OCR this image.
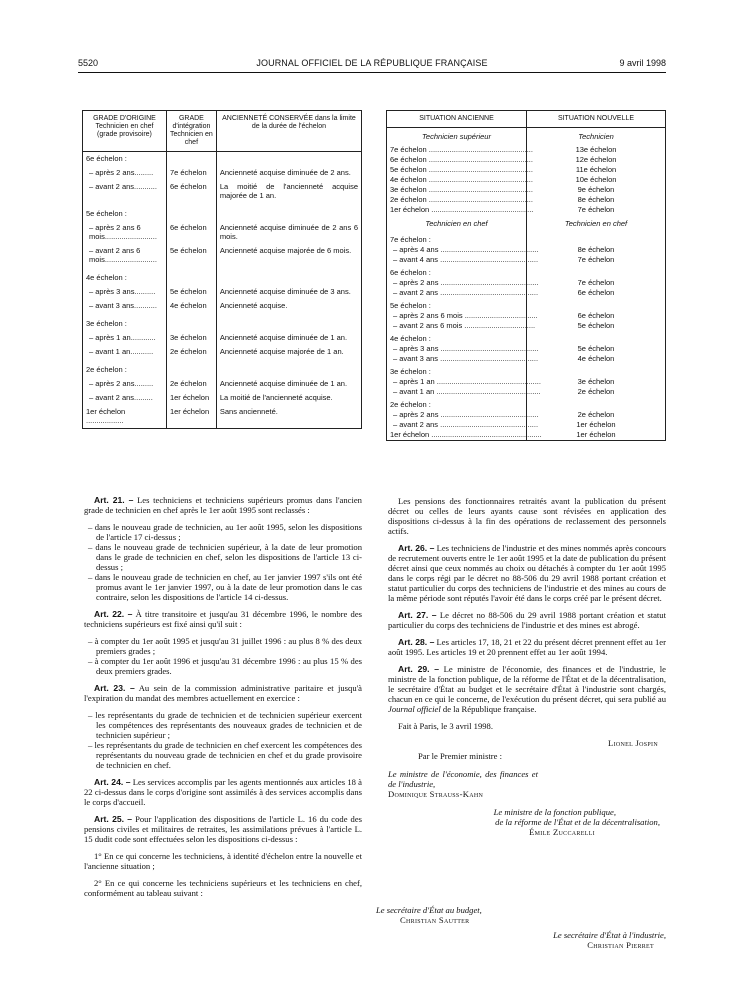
5520	JOURNAL OFFICIEL DE LA RÉPUBLIQUE FRANÇAISE	9 avril 1998
GRADE D'ORIGINE Technicien en chef (grade provisoire)	GRADE d'intégration Technicien en chef	ANCIENNETÉ CONSERVÉE dans la limite de la durée de l'échelon
6e échelon :		
– après 2 ans.........	7e échelon	Ancienneté acquise diminuée de 2 ans.
– avant 2 ans...........	6e échelon	La moitié de l'ancienneté acquise majorée de 1 an.
5e échelon :		
– après 2 ans 6 mois.........................	6e échelon	Ancienneté acquise diminuée de 2 ans 6 mois.
– avant 2 ans 6 mois.........................	5e échelon	Ancienneté acquise majorée de 6 mois.
4e échelon :		
– après 3 ans..........	5e échelon	Ancienneté acquise diminuée de 3 ans.
– avant 3 ans...........	4e échelon	Ancienneté acquise.
3e échelon :		
– après 1 an............	3e échelon	Ancienneté acquise diminuée de 1 an.
– avant 1 an...........	2e échelon	Ancienneté acquise majorée de 1 an.
2e échelon :		
– après 2 ans.........	2e échelon	Ancienneté acquise diminuée de 1 an.
– avant 2 ans.........	1er échelon	La moitié de l'ancienneté acquise.
1er échelon ..................	1er échelon	Sans ancienneté.
SITUATION ANCIENNE	SITUATION NOUVELLE
Technicien supérieur	Technicien
7e échelon ..................................................	13e échelon
6e échelon ..................................................	12e échelon
5e échelon ..................................................	11e échelon
4e échelon ..................................................	10e échelon
3e échelon ..................................................	9e échelon
2e échelon ..................................................	8e échelon
1er échelon .................................................	7e échelon
Technicien en chef	Technicien en chef
7e échelon :	
– après 4 ans ...............................................	8e échelon
– avant 4 ans ...............................................	7e échelon
6e échelon :	
– après 2 ans ...............................................	7e échelon
– avant 2 ans ...............................................	6e échelon
5e échelon :	
– après 2 ans 6 mois ...................................	6e échelon
– avant 2 ans 6 mois ..................................	5e échelon
4e échelon :	
– après 3 ans ...............................................	5e échelon
– avant 3 ans ...............................................	4e échelon
3e échelon :	
– après 1 an ..................................................	3e échelon
– avant 1 an ..................................................	2e échelon
2e échelon :	
– après 2 ans ...............................................	2e échelon
– avant 2 ans ...............................................	1er échelon
1er échelon .....................................................	1er échelon

Art. 21. – Les techniciens et techniciens supérieurs promus dans l'ancien grade de technicien en chef après le 1er août 1995 sont reclassés :

– dans le nouveau grade de technicien, au 1er août 1995, selon les dispositions de l'article 17 ci-dessus ;
– dans le nouveau grade de technicien supérieur, à la date de leur promotion dans le grade de technicien en chef, selon les dispositions de l'article 13 ci-dessus ;
– dans le nouveau grade de technicien en chef, au 1er janvier 1997 s'ils ont été promus avant le 1er janvier 1997, ou à la date de leur promotion dans le cas contraire, selon les dispositions de l'article 14 ci-dessus.

Art. 22. – À titre transitoire et jusqu'au 31 décembre 1996, le nombre des techniciens supérieurs est fixé ainsi qu'il suit :

– à compter du 1er août 1995 et jusqu'au 31 juillet 1996 : au plus 8 % des deux premiers grades ;
– à compter du 1er août 1996 et jusqu'au 31 décembre 1996 : au plus 15 % des deux premiers grades.

Art. 23. – Au sein de la commission administrative paritaire et jusqu'à l'expiration du mandat des membres actuellement en exercice :

– les représentants du grade de technicien et de technicien supérieur exercent les compétences des représentants des nouveaux grades de technicien et de technicien supérieur ;
– les représentants du grade de technicien en chef exercent les compétences des représentants du nouveau grade de technicien en chef et du grade provisoire de technicien en chef.

Art. 24. – Les services accomplis par les agents mentionnés aux articles 18 à 22 ci-dessus dans le corps d'origine sont assimilés à des services accomplis dans le corps d'accueil.

Art. 25. – Pour l'application des dispositions de l'article L. 16 du code des pensions civiles et militaires de retraites, les assimilations prévues à l'article L. 15 dudit code sont effectuées selon les dispositions ci-dessus :

1° En ce qui concerne les techniciens, à identité d'échelon entre la nouvelle et l'ancienne situation ;

2° En ce qui concerne les techniciens supérieurs et les techniciens en chef, conformément au tableau suivant :

Les pensions des fonctionnaires retraités avant la publication du présent décret ou celles de leurs ayants cause sont révisées en application des dispositions ci-dessus à la fin des opérations de reclassement des personnels actifs.

Art. 26. – Les techniciens de l'industrie et des mines nommés après concours de recrutement ouverts entre le 1er août 1995 et la date de publication du présent décret ainsi que ceux nommés au choix ou détachés à compter du 1er août 1995 dans le corps régi par le décret no 88-506 du 29 avril 1988 portant création et statut particulier du corps des techniciens de l'industrie et des mines au cours de la même période sont réputés l'avoir été dans le corps créé par le présent décret.

Art. 27. – Le décret no 88-506 du 29 avril 1988 portant création et statut particulier du corps des techniciens de l'industrie et des mines est abrogé.

Art. 28. – Les articles 17, 18, 21 et 22 du présent décret prennent effet au 1er août 1995. Les articles 19 et 20 prennent effet au 1er août 1994.

Art. 29. – Le ministre de l'économie, des finances et de l'industrie, le ministre de la fonction publique, de la réforme de l'État et de la décentralisation, le secrétaire d'État au budget et le secrétaire d'État à l'industrie sont chargés, chacun en ce qui le concerne, de l'exécution du présent décret, qui sera publié au Journal officiel de la République française.

Fait à Paris, le 3 avril 1998.

Lionel Jospin
Par le Premier ministre :
Le ministre de l'économie, des finances et de l'industrie,
Dominique Strauss-Kahn
Le ministre de la fonction publique,
de la réforme de l'État et de la décentralisation,
Émile Zuccarelli
Le secrétaire d'État au budget,
Christian Sautter
Le secrétaire d'État à l'industrie,
Christian Pierret
